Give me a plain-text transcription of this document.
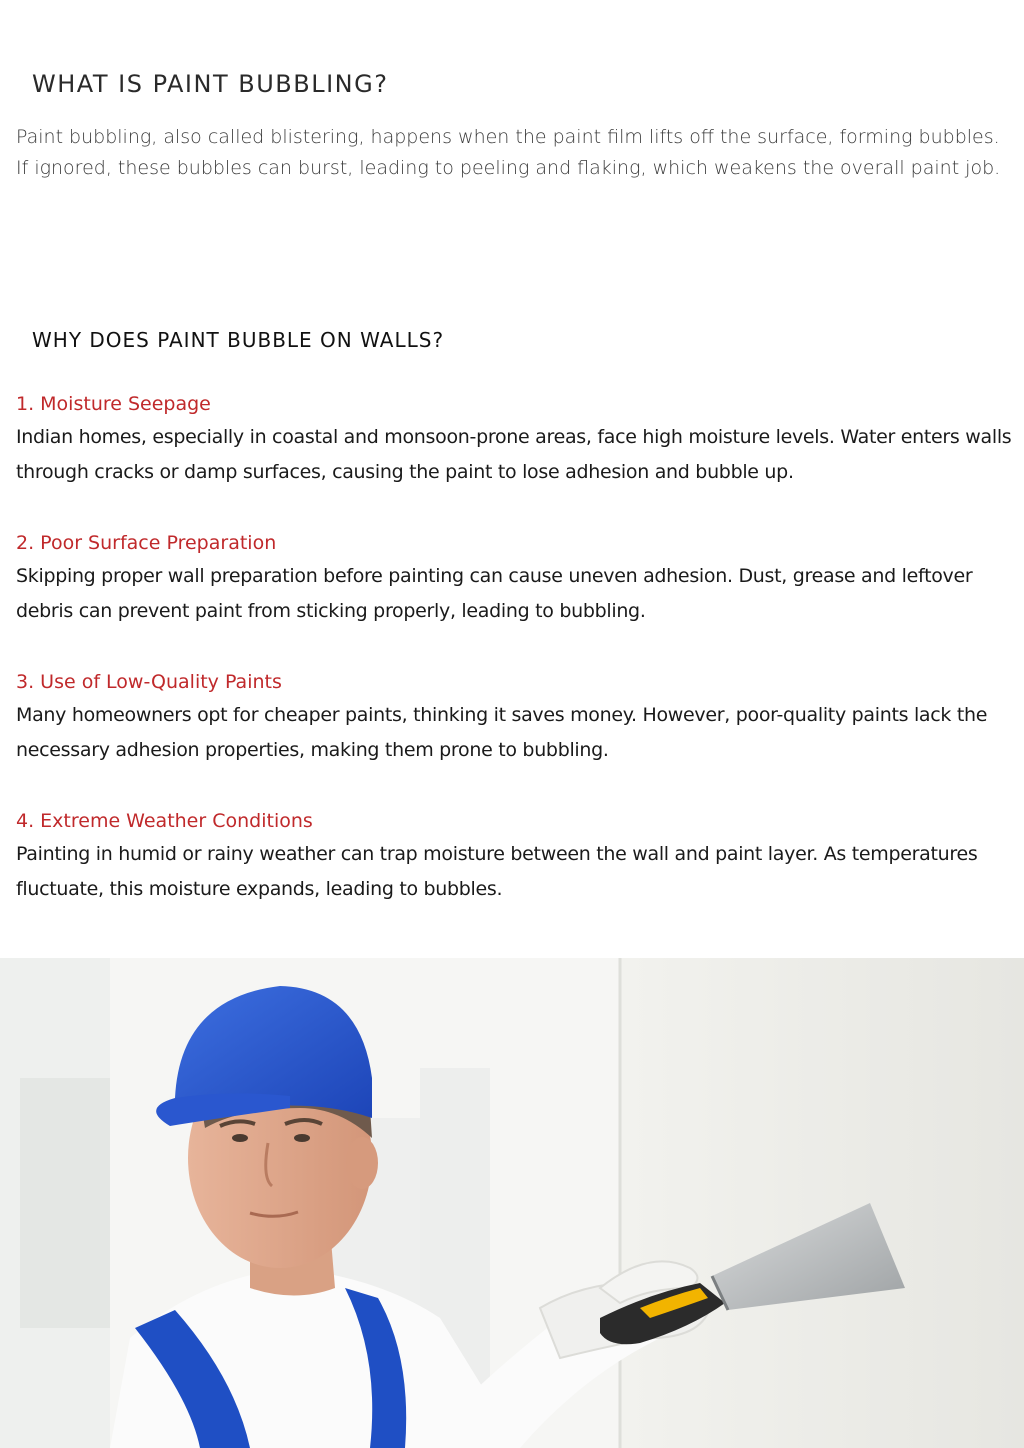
WHAT IS PAINT BUBBLING?

Paint bubbling, also called blistering, happens when the paint film lifts off the surface, forming bubbles. If ignored, these bubbles can burst, leading to peeling and flaking, which weakens the overall paint job.

WHY DOES PAINT BUBBLE ON WALLS?

1. Moisture Seepage

Indian homes, especially in coastal and monsoon-prone areas, face high moisture levels. Water enters walls through cracks or damp surfaces, causing the paint to lose adhesion and bubble up.

2. Poor Surface Preparation

Skipping proper wall preparation before painting can cause uneven adhesion. Dust, grease and leftover debris can prevent paint from sticking properly, leading to bubbling.

3. Use of Low-Quality Paints

Many homeowners opt for cheaper paints, thinking it saves money. However, poor-quality paints lack the necessary adhesion properties, making them prone to bubbling.

4. Extreme Weather Conditions

Painting in humid or rainy weather can trap moisture between the wall and paint layer. As temperatures fluctuate, this moisture expands, leading to bubbles.
